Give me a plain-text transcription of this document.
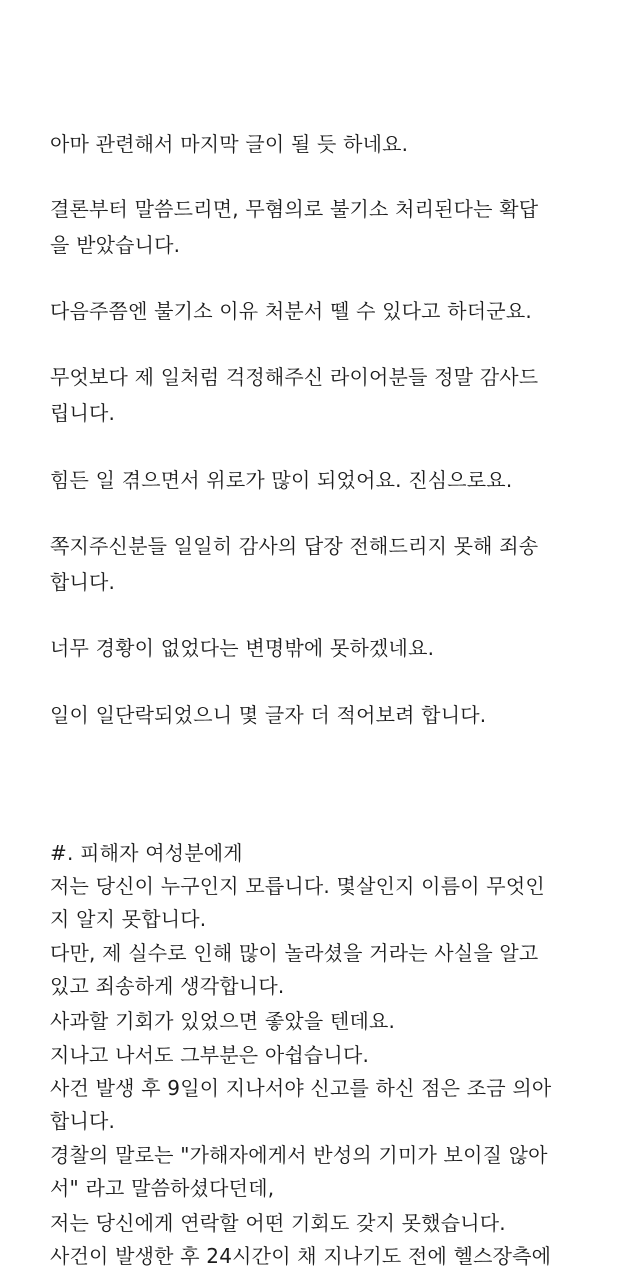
아마 관련해서 마지막 글이 될 듯 하네요.

결론부터 말씀드리면, 무혐의로 불기소 처리된다는 확답

을 받았습니다.

다음주쯤엔 불기소 이유 처분서 뗄 수 있다고 하더군요.

무엇보다 제 일처럼 걱정해주신 라이어분들 정말 감사드

립니다.

힘든 일 겪으면서 위로가 많이 되었어요. 진심으로요.

쪽지주신분들 일일히 감사의 답장 전해드리지 못해 죄송

합니다.

너무 경황이 없었다는 변명밖에 못하겠네요.

일이 일단락되었으니 몇 글자 더 적어보려 합니다.

#. 피해자 여성분에게

저는 당신이 누구인지 모릅니다. 몇살인지 이름이 무엇인

지 알지 못합니다.

다만, 제 실수로 인해 많이 놀라셨을 거라는 사실을 알고

있고 죄송하게 생각합니다.

사과할 기회가 있었으면 좋았을 텐데요.

지나고 나서도 그부분은 아쉽습니다.

사건 발생 후 9일이 지나서야 신고를 하신 점은 조금 의아

합니다.

경찰의 말로는 "가해자에게서 반성의 기미가 보이질 않아

서" 라고 말씀하셨다던데,

저는 당신에게 연락할 어떤 기회도 갖지 못했습니다.

사건이 발생한 후 24시간이 채 지나기도 전에 헬스장측에
